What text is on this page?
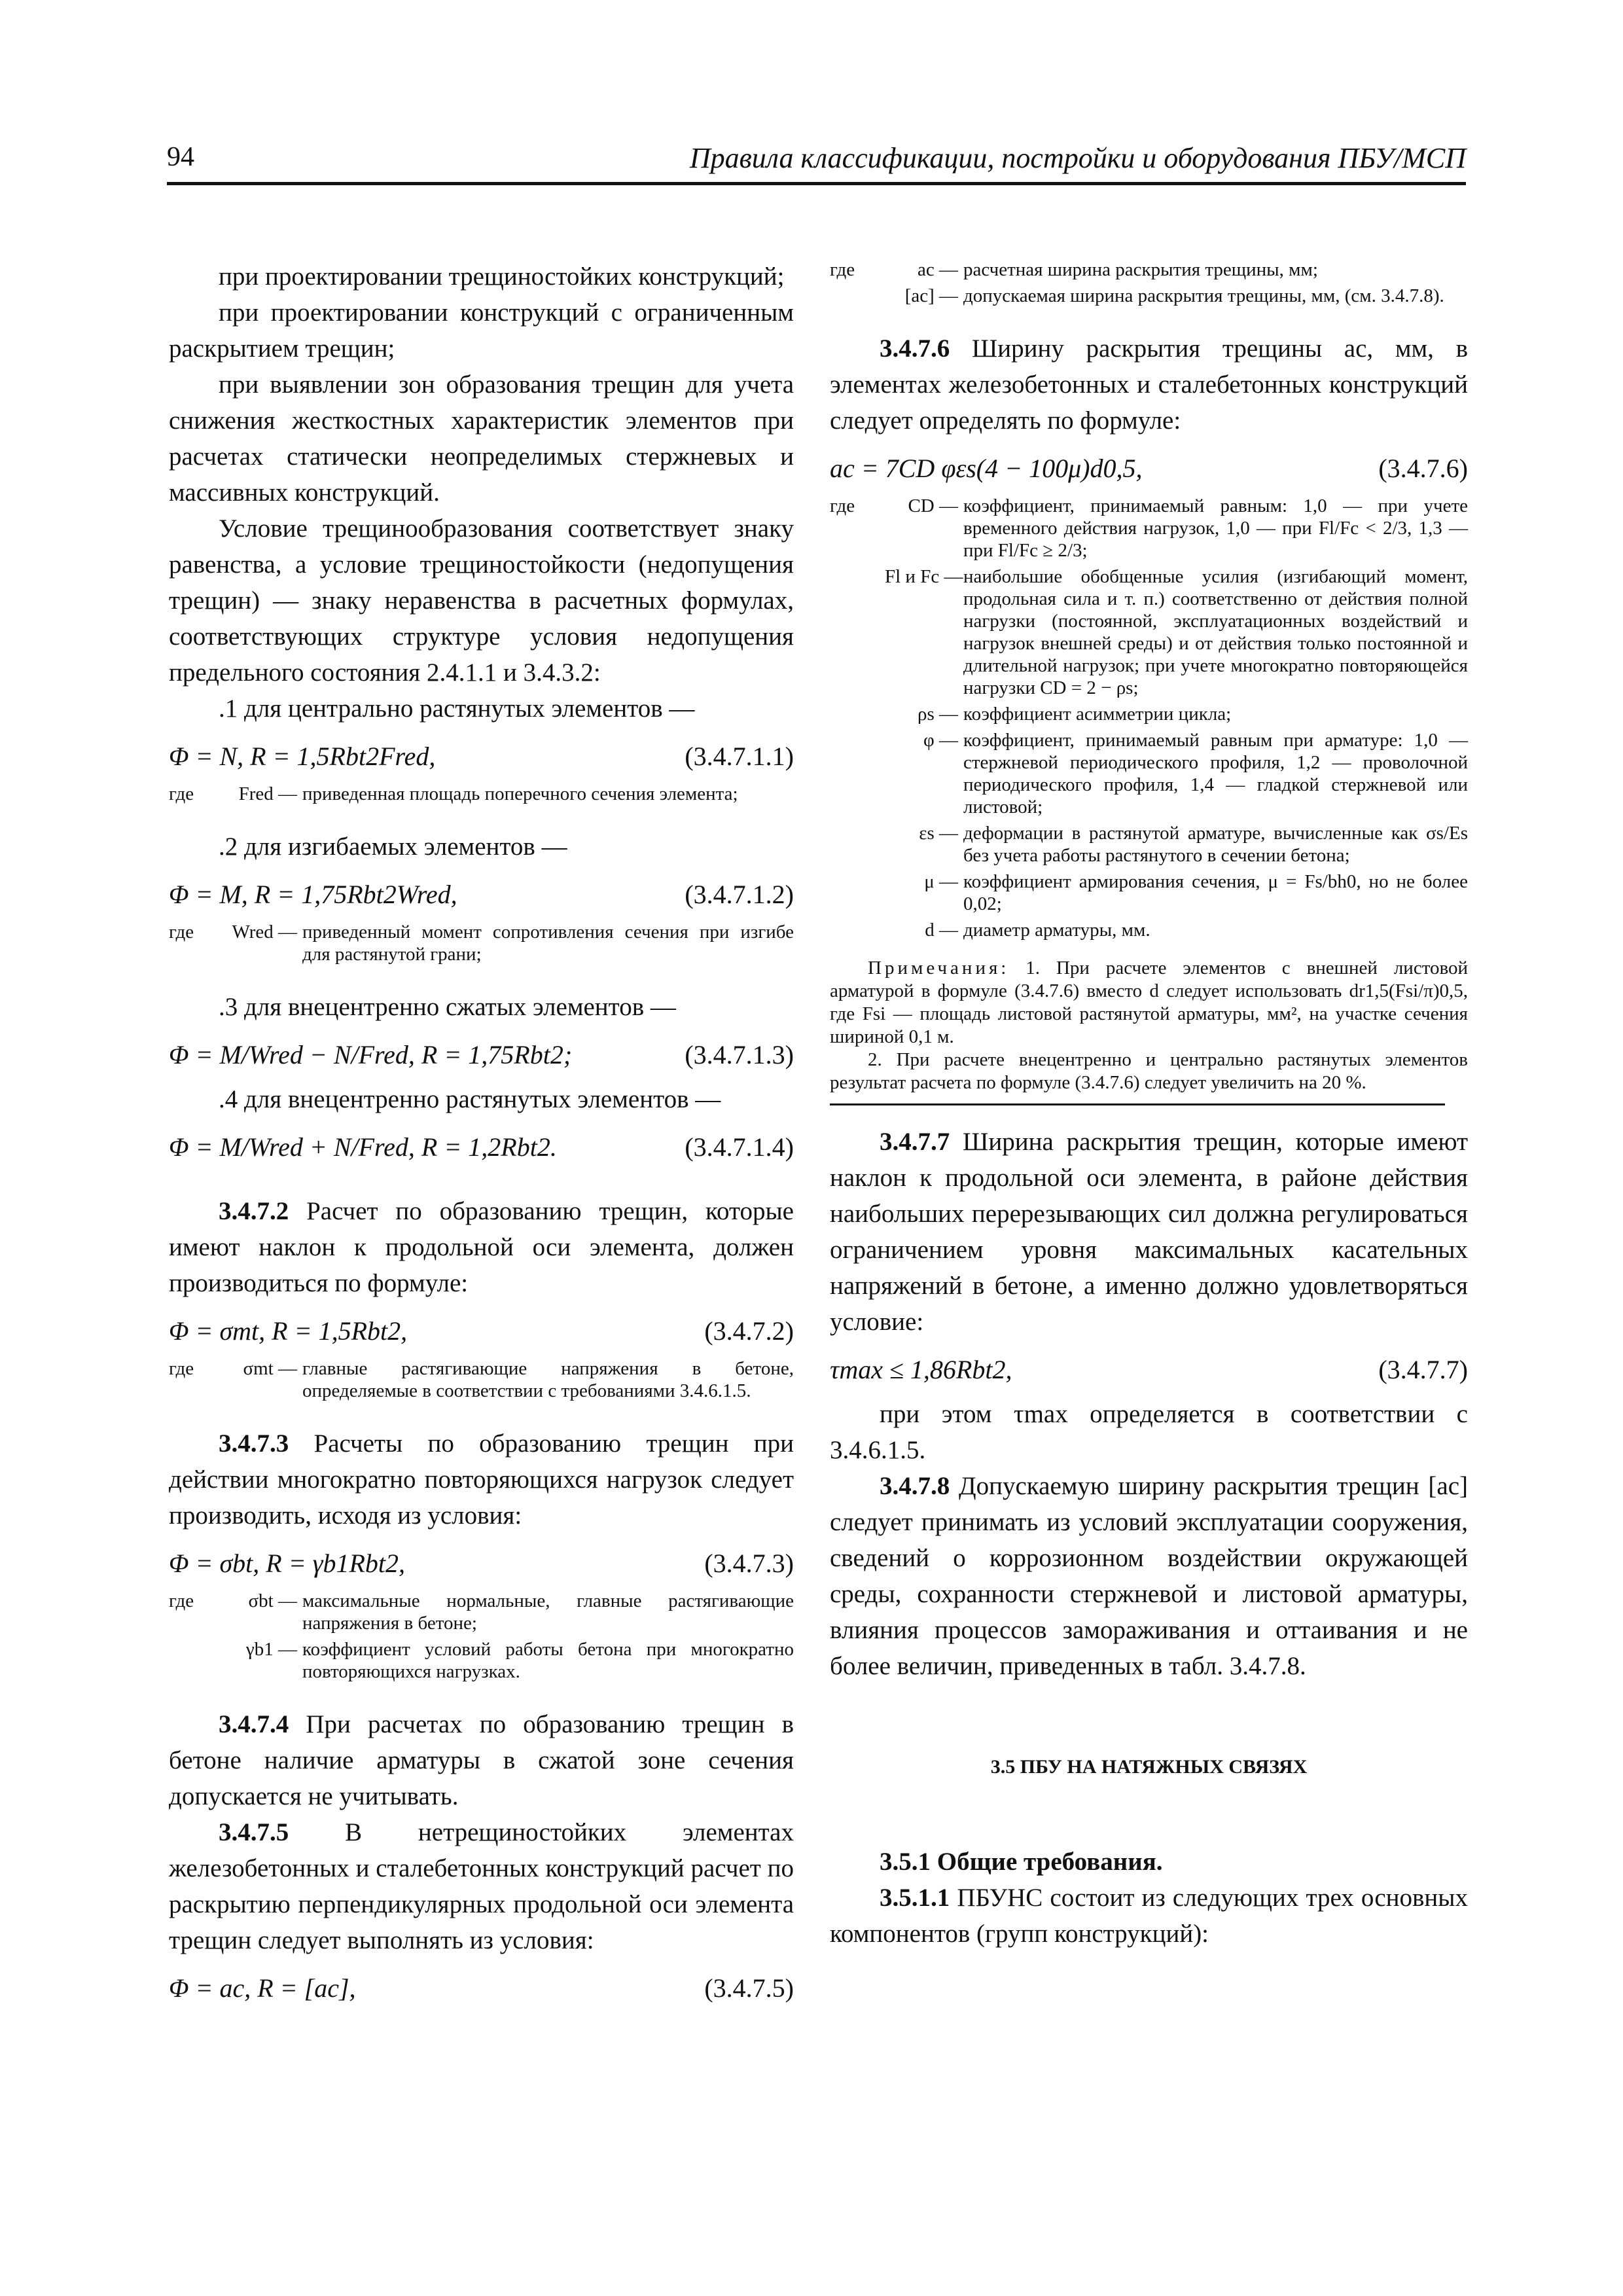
94	Правила классификации, постройки и оборудования ПБУ/МСП

при проектировании трещиностойких конструкций;

при проектировании конструкций с ограниченным раскрытием трещин;

при выявлении зон образования трещин для учета снижения жесткостных характеристик элементов при расчетах статически неопределимых стержневых и массивных конструкций.

Условие трещинообразования соответствует знаку равенства, а условие трещиностойкости (недопущения трещин) — знаку неравенства в расчетных формулах, соответствующих структуре условия недопущения предельного состояния 2.4.1.1 и 3.4.3.2:

.1 для центрально растянутых элементов —

Φ = N, R = 1,5Rbt2Fred,	(3.4.7.1.1)
где	Fred — приведенная площадь поперечного сечения элемента;

.2 для изгибаемых элементов —

Φ = M, R = 1,75Rbt2Wred,	(3.4.7.1.2)
где	Wred — приведенный момент сопротивления сечения при изгибе для растянутой грани;

.3 для внецентренно сжатых элементов —

Φ = M/Wred − N/Fred, R = 1,75Rbt2;	(3.4.7.1.3)

.4 для внецентренно растянутых элементов —

Φ = M/Wred + N/Fred, R = 1,2Rbt2.	(3.4.7.1.4)

3.4.7.2 Расчет по образованию трещин, которые имеют наклон к продольной оси элемента, должен производиться по формуле:

Φ = σmt, R = 1,5Rbt2,	(3.4.7.2)
где	σmt — главные растягивающие напряжения в бетоне, определяемые в соответствии с требованиями 3.4.6.1.5.

3.4.7.3 Расчеты по образованию трещин при действии многократно повторяющихся нагрузок следует производить, исходя из условия:

Φ = σbt, R = γb1Rbt2,	(3.4.7.3)
где	σbt — максимальные нормальные, главные растягивающие напряжения в бетоне;
γb1 — коэффициент условий работы бетона при многократно повторяющихся нагрузках.

3.4.7.4 При расчетах по образованию трещин в бетоне наличие арматуры в сжатой зоне сечения допускается не учитывать.

3.4.7.5 В нетрещиностойких элементах железобетонных и сталебетонных конструкций расчет по раскрытию перпендикулярных продольной оси элемента трещин следует выполнять из условия:

Φ = ac, R = [ac],	(3.4.7.5)
где	ac — расчетная ширина раскрытия трещины, мм;
[ac] — допускаемая ширина раскрытия трещины, мм, (см. 3.4.7.8).

3.4.7.6 Ширину раскрытия трещины ac, мм, в элементах железобетонных и сталебетонных конструкций следует определять по формуле:

ac = 7CD φεs(4 − 100μ)d0,5,	(3.4.7.6)
где	CD — коэффициент, принимаемый равным: 1,0 — при учете временного действия нагрузок, 1,0 — при Fl/Fc < 2/3, 1,3 — при Fl/Fc ≥ 2/3;
Fl и Fc — наибольшие обобщенные усилия (изгибающий момент, продольная сила и т. п.) соответственно от действия полной нагрузки (постоянной, эксплуатационных воздействий и нагрузок внешней среды) и от действия только постоянной и длительной нагрузок; при учете многократно повторяющейся нагрузки CD = 2 − ρs;
ρs — коэффициент асимметрии цикла;
φ — коэффициент, принимаемый равным при арматуре: 1,0 — стержневой периодического профиля, 1,2 — проволочной периодического профиля, 1,4 — гладкой стержневой или листовой;
εs — деформации в растянутой арматуре, вычисленные как σs/Es без учета работы растянутого в сечении бетона;
μ — коэффициент армирования сечения, μ = Fs/bh0, но не более 0,02;
d — диаметр арматуры, мм.

Примечания: 1. При расчете элементов с внешней листовой арматурой в формуле (3.4.7.6) вместо d следует использовать dr1,5(Fsi/π)0,5, где Fsi — площадь листовой растянутой арматуры, мм², на участке сечения шириной 0,1 м.

2. При расчете внецентренно и центрально растянутых элементов результат расчета по формуле (3.4.7.6) следует увеличить на 20 %.

3.4.7.7 Ширина раскрытия трещин, которые имеют наклон к продольной оси элемента, в районе действия наибольших перерезывающих сил должна регулироваться ограничением уровня максимальных касательных напряжений в бетоне, а именно должно удовлетворяться условие:

τmax ≤ 1,86Rbt2,	(3.4.7.7)

при этом τmax определяется в соответствии с 3.4.6.1.5.

3.4.7.8 Допускаемую ширину раскрытия трещин [ac] следует принимать из условий эксплуатации сооружения, сведений о коррозионном воздействии окружающей среды, сохранности стержневой и листовой арматуры, влияния процессов замораживания и оттаивания и не более величин, приведенных в табл. 3.4.7.8.

3.5 ПБУ НА НАТЯЖНЫХ СВЯЗЯХ

3.5.1 Общие требования.

3.5.1.1 ПБУНС состоит из следующих трех основных компонентов (групп конструкций):
